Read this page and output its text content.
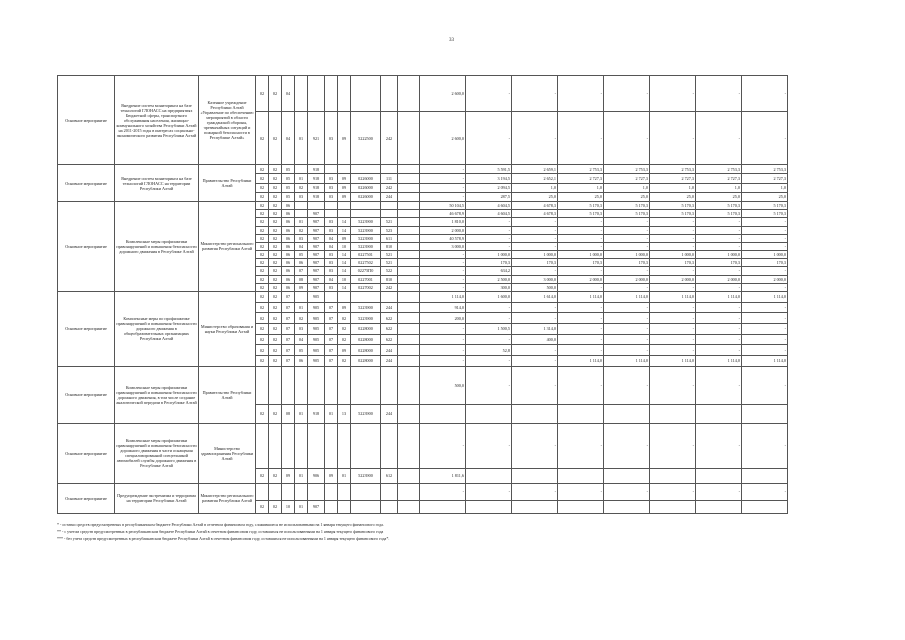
33
Основное мероприятие	Внедрение систем мониторинга на базе технологий ГЛОНАСС на предприятиях Бюджетной сферы, транспортного обслуживания населения, жилищно-коммунального хозяйства Республики Алтай на 2011-2015 годы в интересах социально-экономического развития Республики Алтай	Казенное учреждение Республики Алтай «Управление по обеспечению мероприятий в области гражданской обороны, чрезвычайных ситуаций и пожарной безопасности в Республике Алтай»	02	02	04								2 600,0	-	-	-	-	-	-	-
			02	02	04	01	921	03	09	5222500	242		2 600,0	-	-	-	-	-	-	-
Основное мероприятие	Внедрение систем мониторинга на базе технологий ГЛОНАСС на территории Республики Алтай	Правительство Республики Алтай	02	02	05		918						-	5 591,5	2 659,1	2 753,3	2 753,3	2 753,3	2 753,3	2 753,3
			02	02	05	01	918	03	09	0226000	111		-	3 194,5	2 652,1	2 727,3	2 727,3	2 727,3	2 727,3	2 727,3
			02	02	05	02	918	03	09	0226000	242		-	2 094,5	1,0	1,0	1,0	1,0	1,0	1,0
			02	02	05	03	918	03	09	0226000	244		-	287,5	25,0	25,0	25,0	25,0	25,0	25,0
Основное мероприятие	Комплексные меры профилактики правонарушений и повышения безопасности дорожного движения в Республике Алтай	Министерство регионального развития Республики Алтай	02	02	06								50 104,5	4 604,5	4 678,3	5 170,3	5 170,3	5 170,3	5 170,3	5 170,3
			02	02	06		907						46 678,9	4 604,5	4 678,3	5 170,3	5 170,3	5 170,3	5 170,3	5 170,3
			02	02	06	01	907	03	14	5223900	521		1 810,0	-	-	-	-	-	-	-
			02	02	06	02	907	03	14	5223900	523		2 000,0	-	-	-	-	-	-	-
			02	02	06	03	907	04	09	5223900	611		40 578,9	-	-	-	-	-	-	-
			02	02	06	04	907	04	10	5223900	810		3 000,0	-	-	-	-	-	-	-
			02	02	06	05	907	03	14	0227501	521		-	1 000,0	1 000,0	1 000,0	1 000,0	1 000,0	1 000,0	1 000,0
			02	02	06	06	907	03	14	0227502	521		-	170,3	170,3	170,3	170,3	170,3	170,3	170,3
			02	02	06	07	907	03	14	02275П0	522		-	634,2	-	-	-	-	-	-
			02	02	06	08	907	04	10	0227001	810		-	2 500,0	3 000,0	2 000,0	2 000,0	2 000,0	2 000,0	2 000,0
			02	02	06	09	907	03	14	0227002	242		-	300,0	500,0	-	-	-	-	-
Основное мероприятие	Комплексные меры по профилактике правонарушений и повышения безопасности дорожного движения в общеобразовательных организациях Республики Алтай	Министерство образования и науки Республики Алтай	02	02	07		905						1 114,0	1 600,0	1 614,0	1 114,0	1 114,0	1 114,0	1 114,0	1 114,0
			02	02	07	01	905	07	09	5223900	244		914,0	-	-	-	-	-	-	-
			02	02	07	02	905	07	02	5223900	622		200,0	-	-	-	-	-	-	-
			02	02	07	03	905	07	02	0228000	622		-	1 500,5	1 314,0	-	-	-	-	-
			02	02	07	04	905	07	02	0228000	622		-	-	400,0	-	-	-	-	-
			02	02	07	05	905	07	09	0228000	244		-	52,8	-	-	-	-	-	-
			02	02	07	06	905	07	02	0228000	244		-	-	-	1 114,0	1 114,0	1 114,0	1 114,0	1 114,0
Основное мероприятие	Комплексные меры профилактики правонарушений и повышения безопасности дорожного движения, в том числе создание аналитической передачи в Республике Алтай	Правительство Республики Алтай											500,0	-	-	-	-	-	-	-
			02	02	08	01	918	01	13	5223900	244									
Основное мероприятие	Комплексные меры профилактики правонарушений и повышения безопасности дорожного движения в части оснащения специализированной спецтехникой автомобилей службы дорожного движения в Республике Алтай	Министерство здравоохранения Республики Алтай											-	-	-	-	-	-	-	-
			02	02	09	01	906	09	01	5223900	612		1 811,6							
Основное мероприятие	Предупреждение экстремизма и терроризма на территории Республики Алтай	Министерство регионального развития Республики Алтай											-	-	-	-	-	-	-	-
			02	02	10	01	907													
* - остатки средств предусмотренных в республиканском бюджете Республики Алтай в отчетном финансовом году, сложившиеся не использованными на 1 января текущего финансового года.
** - с учетом средств предусмотренных в республиканском бюджете Республики Алтай в отчетном финансовом году, оставшихся не использованными на 1 января текущего финансового года
*** - без учета средств предусмотренных в республиканском бюджете Республики Алтай в отчетном финансовом году, оставшихся не использованными на 1 января текущего финансового года*.
